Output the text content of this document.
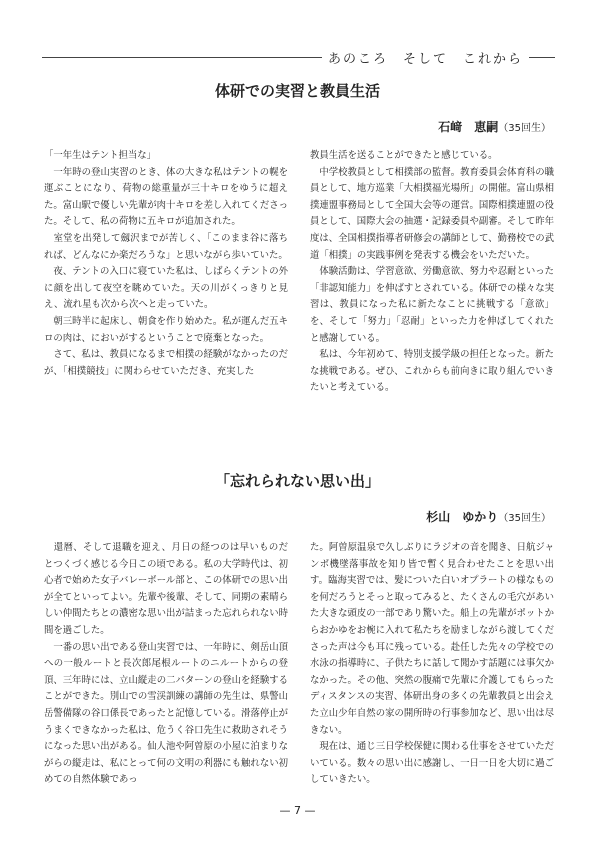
あのころ　そして　これから
体研での実習と教員生活
石﨑　恵嗣（35回生）

「一年生はテント担当な」

　一年時の登山実習のとき、体の大きな私はテントの幌を運ぶことになり、荷物の総重量が三十キロをゆうに超えた。富山駅で優しい先輩が肉十キロを差し入れてくださった。そして、私の荷物に五キロが追加された。

　室堂を出発して劔沢までが苦しく、「このまま谷に落ちれば、どんなにか楽だろうな」と思いながら歩いていた。

　夜、テントの入口に寝ていた私は、しばらくテントの外に顔を出して夜空を眺めていた。天の川がくっきりと見え、流れ星も次から次へと走っていた。

　朝三時半に起床し、朝食を作り始めた。私が運んだ五キロの肉は、においがするということで廃棄となった。

　さて、私は、教員になるまで相撲の経験がなかったのだが、「相撲競技」に関わらせていただき、充実した

教員生活を送ることができたと感じている。

　中学校教員として相撲部の監督。教育委員会体育科の職員として、地方巡業「大相撲福光場所」の開催。富山県相撲連盟事務局として全国大会等の運営。国際相撲連盟の役員として、国際大会の抽選・記録委員や副審。そして昨年度は、全国相撲指導者研修会の講師として、勤務校での武道「相撲」の実践事例を発表する機会をいただいた。

　体験活動は、学習意欲、労働意欲、努力や忍耐といった「非認知能力」を伸ばすとされている。体研での様々な実習は、教員になった私に新たなことに挑戦する「意欲」を、そして「努力」「忍耐」といった力を伸ばしてくれたと感謝している。

　私は、今年初めて、特別支援学級の担任となった。新たな挑戦である。ぜひ、これからも前向きに取り組んでいきたいと考えている。

「忘れられない思い出」
杉山　ゆかり（35回生）

　還暦、そして退職を迎え、月日の経つのは早いものだとつくづく感じる今日この頃である。私の大学時代は、初心者で始めた女子バレーボール部と、この体研での思い出が全てといってよい。先輩や後輩、そして、同期の素晴らしい仲間たちとの濃密な思い出が詰まった忘れられない時間を過ごした。

　一番の思い出である登山実習では、一年時に、剣岳山頂への一般ルートと長次郎尾根ルートのニルートからの登頂、三年時には、立山縦走の二パターンの登山を経験することができた。別山での雪渓訓練の講師の先生は、県警山岳警備隊の谷口係長であったと記憶している。滑落停止がうまくできなかった私は、危うく谷口先生に救助されそうになった思い出がある。仙人池や阿曽原の小屋に泊まりながらの縦走は、私にとって何の文明の利器にも触れない初めての自然体験であっ

た。阿曽原温泉で久しぶりにラジオの音を聞き、日航ジャンボ機墜落事故を知り皆で暫く見合わせたことを思い出す。臨海実習では、髪についた白いオプラートの様なものを何だろうとそっと取ってみると、たくさんの毛穴があいた大きな頭皮の一部であり驚いた。船上の先輩がポットからおかゆをお椀に入れて私たちを励ましながら渡してくださった声は今も耳に残っている。赴任した先々の学校での水泳の指導時に、子供たちに話して聞かす話題には事欠かなかった。その他、突然の腹痛で先輩に介護してもらったディスタンスの実習、体研出身の多くの先輩教員と出会えた立山少年自然の家の開所時の行事参加など、思い出は尽きない。

　現在は、通じ三日学校保健に関わる仕事をさせていただいている。数々の思い出に感謝し、一日一日を大切に過ごしていきたい。

— 7 —
